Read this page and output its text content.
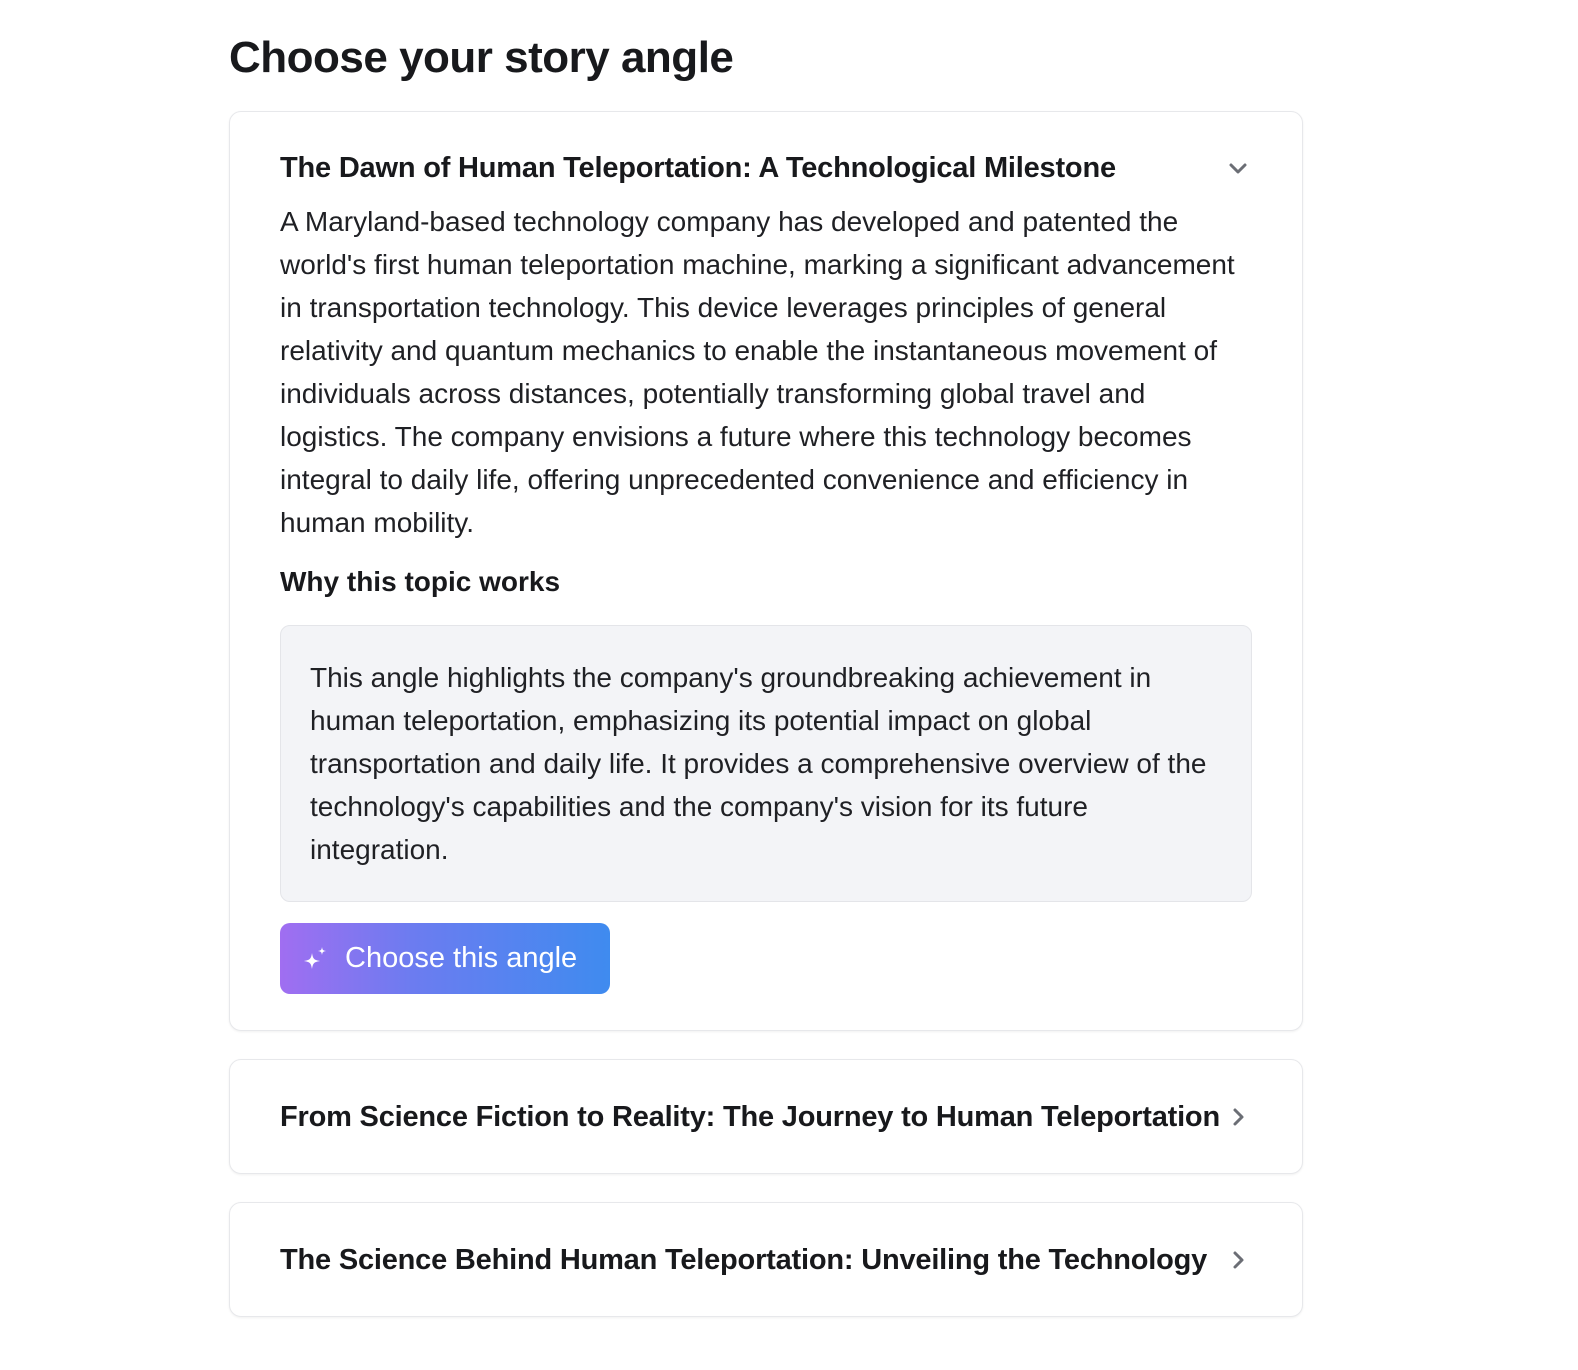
Choose your story angle
The Dawn of Human Teleportation: A Technological Milestone

A Maryland-based technology company has developed and patented the world's first human teleportation machine, marking a significant advancement in transportation technology. This device leverages principles of general relativity and quantum mechanics to enable the instantaneous movement of individuals across distances, potentially transforming global travel and logistics. The company envisions a future where this technology becomes integral to daily life, offering unprecedented convenience and efficiency in human mobility.

Why this topic works
This angle highlights the company's groundbreaking achievement in human teleportation, emphasizing its potential impact on global transportation and daily life. It provides a comprehensive overview of the technology's capabilities and the company's vision for its future integration.
Choose this angle
From Science Fiction to Reality: The Journey to Human Teleportation
The Science Behind Human Teleportation: Unveiling the Technology
